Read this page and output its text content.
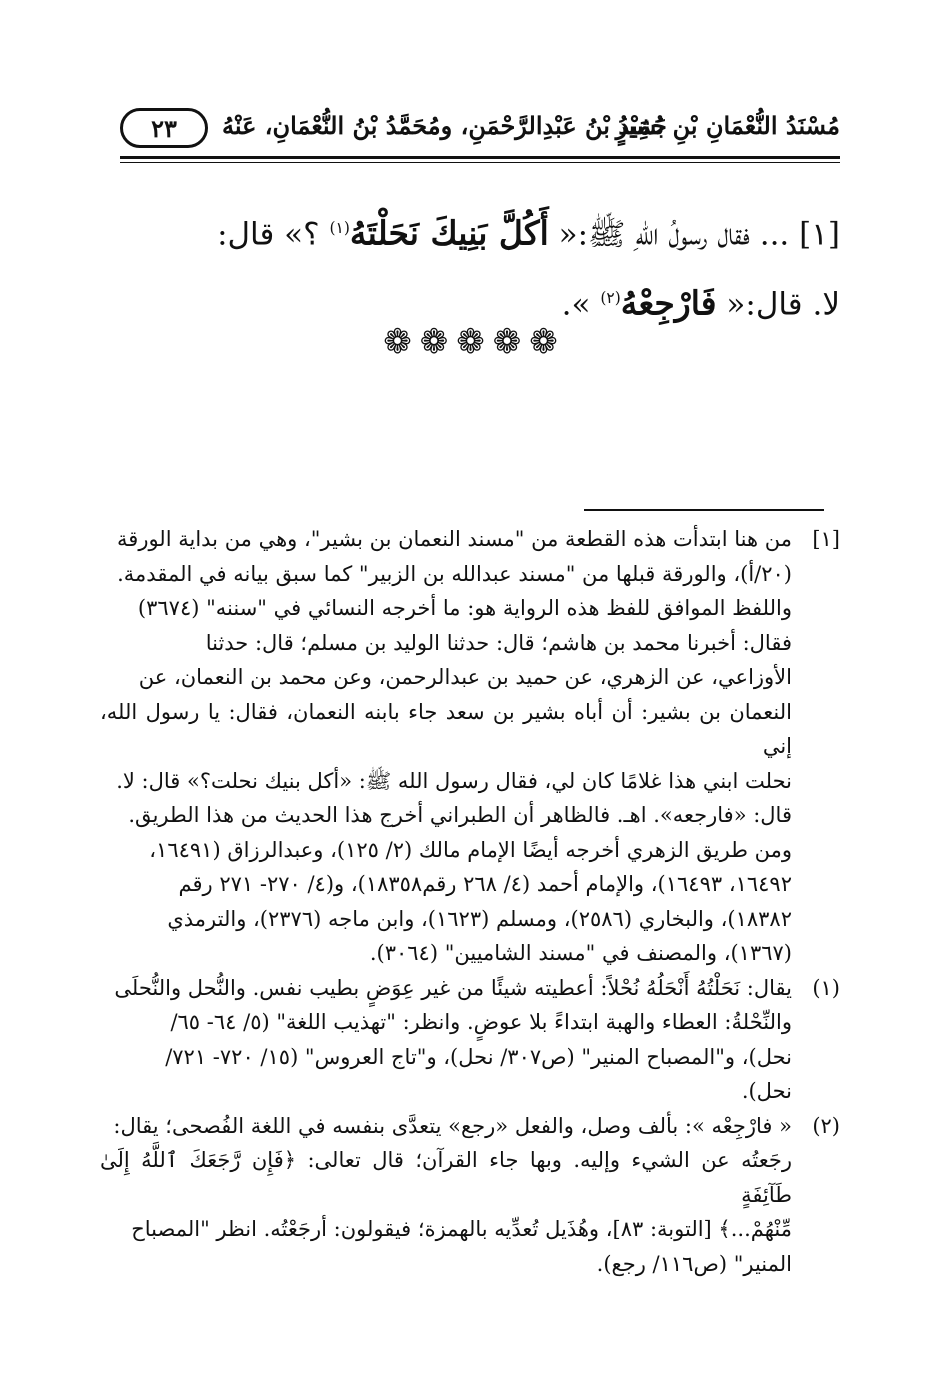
مُسْنَدُ النُّعْمَانِ بْنِ بَشِيرٍ
حُمَيْدُ بْنُ عَبْدِالرَّحْمَنِ، ومُحَمَّدُ بْنُ النُّعْمَانِ، عَنْهُ
٢٣
[١] ... فقال رسولُ اللهِ ﷺ:« أَكُلَّ بَنِيكَ نَحَلْتَهُ$^{(١)}$ ؟» قال:
لا. قال:« فَارْجِعْهُ$^{(٢)}$ ».
❁❁❁❁❁
[١]
من هنا ابتدأت هذه القطعة من "مسند النعمان بن بشير"، وهي من بداية الورقة
(٢٠/أ)، والورقة قبلها من "مسند عبدالله بن الزبير" كما سبق بيانه في المقدمة.
واللفظ الموافق للفظ هذه الرواية هو: ما أخرجه النسائي في "سننه" (٣٦٧٤)
فقال: أخبرنا محمد بن هاشم؛ قال: حدثنا الوليد بن مسلم؛ قال: حدثنا
الأوزاعي، عن الزهري، عن حميد بن عبدالرحمن، وعن محمد بن النعمان، عن
النعمان بن بشير: أن أباه بشير بن سعد جاء بابنه النعمان، فقال: يا رسول الله، إني
نحلت ابني هذا غلامًا كان لي، فقال رسول الله ﷺ: «أكل بنيك نحلت؟» قال: لا.
قال: «فارجعه». اهـ. فالظاهر أن الطبراني أخرج هذا الحديث من هذا الطريق.
ومن طريق الزهري أخرجه أيضًا الإمام مالك (٢/ ١٢٥)، وعبدالرزاق (١٦٤٩١،
١٦٤٩٢، ١٦٤٩٣)، والإمام أحمد (٤/ ٢٦٨ رقم١٨٣٥٨)، و(٤/ ٢٧٠- ٢٧١ رقم
١٨٣٨٢)، والبخاري (٢٥٨٦)، ومسلم (١٦٢٣)، وابن ماجه (٢٣٧٦)، والترمذي
(١٣٦٧)، والمصنف في "مسند الشاميين" (٣٠٦٤).
(١)
يقال: نَحَلْتُهُ أَنْحَلُهُ نُحْلاً: أعطيته شيئًا من غير عِوَضٍ بطيب نفس. والنُّحل والنُّحلَى
والنِّحْلةُ: العطاء والهبة ابتداءً بلا عوضٍ. وانظر: "تهذيب اللغة" (٥/ ٦٤- ٦٥/
نحل)، و"المصباح المنير" (ص٣٠٧/ نحل)، و"تاج العروس" (١٥/ ٧٢٠- ٧٢١/
نحل).
(٢)
« فارْجِعْه »: بألف وصل، والفعل «رجع» يتعدَّى بنفسه في اللغة الفُصحى؛ يقال:
رجَعتُه عن الشيء وإليه. وبها جاء القرآن؛ قال تعالى: ﴿فَإِن رَّجَعَكَ ٱللَّهُ إِلَىٰ طَآئِفَةٍ
مِّنْهُمْ...﴾ [التوبة: ٨٣]، وهُذَيل تُعدِّيه بالهمزة؛ فيقولون: أرجَعْتُه. انظر "المصباح
المنير" (ص١١٦/ رجع).
